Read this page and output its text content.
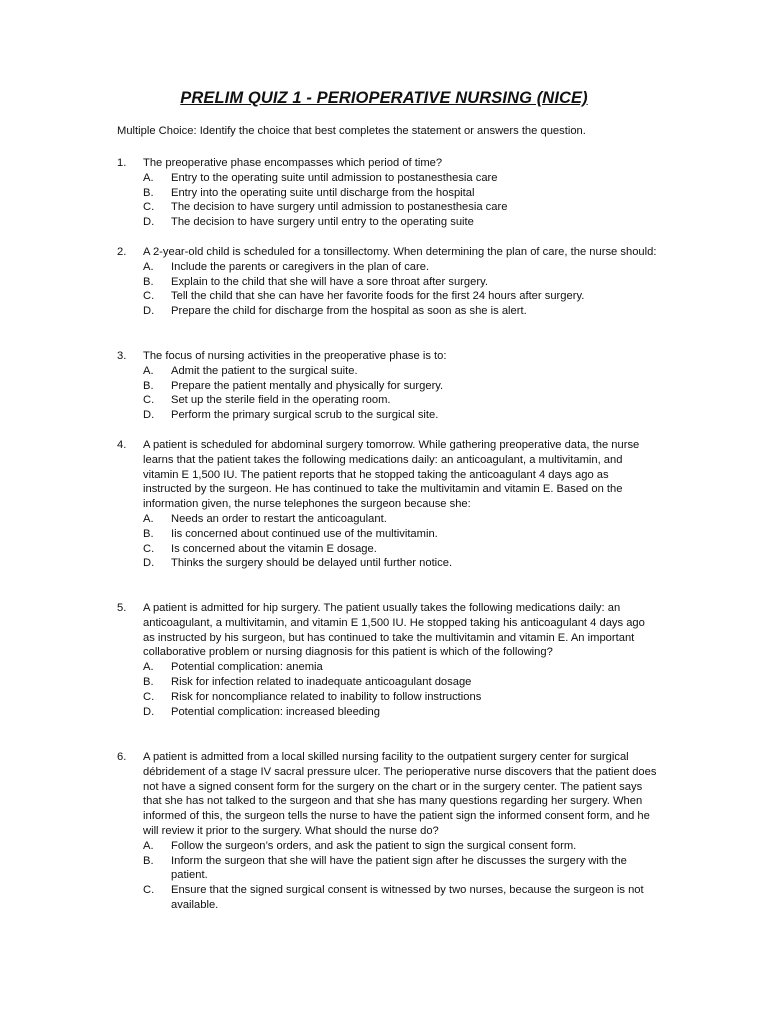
PRELIM QUIZ 1 - PERIOPERATIVE NURSING (NICE)
Multiple Choice: Identify the choice that best completes the statement or answers the question.
1.	The preoperative phase encompasses which period of time?
A.	Entry to the operating suite until admission to postanesthesia care
B.	Entry into the operating suite until discharge from the hospital
C.	The decision to have surgery until admission to postanesthesia care
D.	The decision to have surgery until entry to the operating suite
2.	A 2-year-old child is scheduled for a tonsillectomy. When determining the plan of care, the nurse should:
A.	Include the parents or caregivers in the plan of care.
B.	Explain to the child that she will have a sore throat after surgery.
C.	Tell the child that she can have her favorite foods for the first 24 hours after surgery.
D.	Prepare the child for discharge from the hospital as soon as she is alert.
3.	The focus of nursing activities in the preoperative phase is to:
A.	Admit the patient to the surgical suite.
B.	Prepare the patient mentally and physically for surgery.
C.	Set up the sterile field in the operating room.
D.	Perform the primary surgical scrub to the surgical site.
4.	A patient is scheduled for abdominal surgery tomorrow. While gathering preoperative data, the nurse learns that the patient takes the following medications daily: an anticoagulant, a multivitamin, and vitamin E 1,500 IU. The patient reports that he stopped taking the anticoagulant 4 days ago as instructed by the surgeon. He has continued to take the multivitamin and vitamin E. Based on the information given, the nurse telephones the surgeon because she:
A.	Needs an order to restart the anticoagulant.
B.	Iis concerned about continued use of the multivitamin.
C.	Is concerned about the vitamin E dosage.
D.	Thinks the surgery should be delayed until further notice.
5.	A patient is admitted for hip surgery. The patient usually takes the following medications daily: an anticoagulant, a multivitamin, and vitamin E 1,500 IU. He stopped taking his anticoagulant 4 days ago as instructed by his surgeon, but has continued to take the multivitamin and vitamin E. An important collaborative problem or nursing diagnosis for this patient is which of the following?
A.	Potential complication: anemia
B.	Risk for infection related to inadequate anticoagulant dosage
C.	Risk for noncompliance related to inability to follow instructions
D.	Potential complication: increased bleeding
6.	A patient is admitted from a local skilled nursing facility to the outpatient surgery center for surgical débridement of a stage IV sacral pressure ulcer. The perioperative nurse discovers that the patient does not have a signed consent form for the surgery on the chart or in the surgery center. The patient says that she has not talked to the surgeon and that she has many questions regarding her surgery. When informed of this, the surgeon tells the nurse to have the patient sign the informed consent form, and he will review it prior to the surgery. What should the nurse do?
A.	Follow the surgeon’s orders, and ask the patient to sign the surgical consent form.
B.	Inform the surgeon that she will have the patient sign after he discusses the surgery with the patient.
C.	Ensure that the signed surgical consent is witnessed by two nurses, because the surgeon is not available.
